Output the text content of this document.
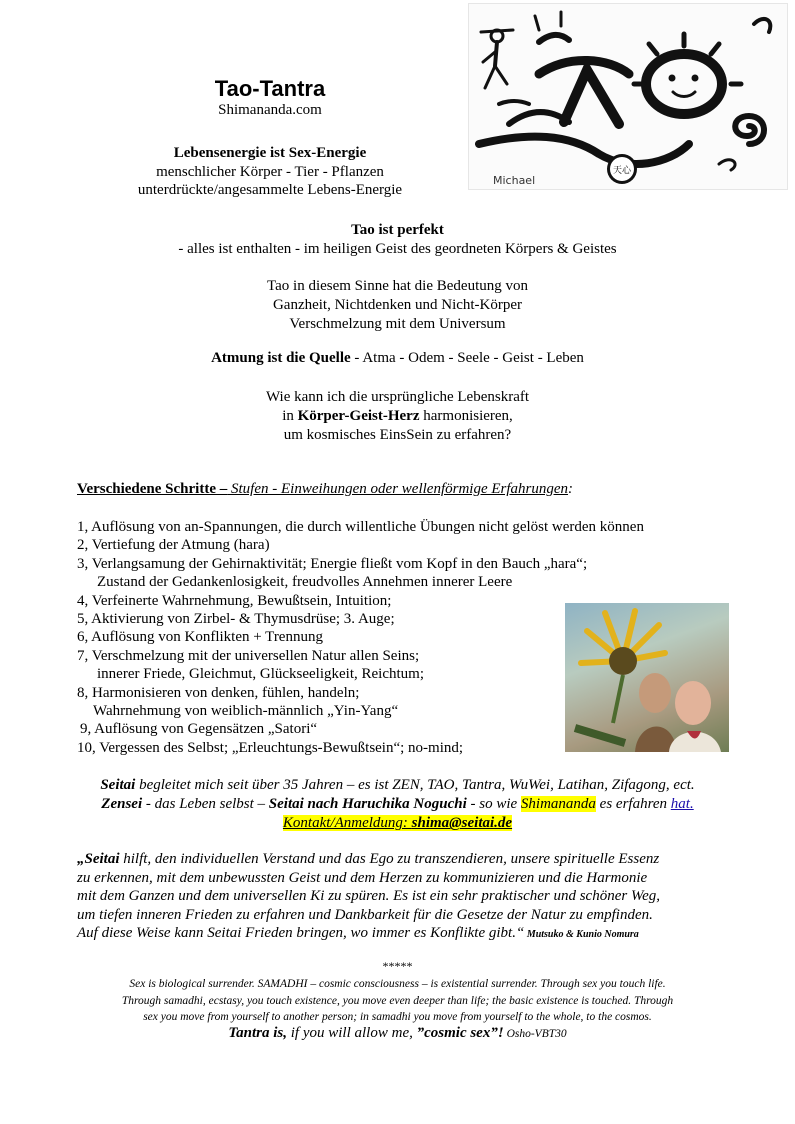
Tao-Tantra
Shimananda.com
Lebensenergie ist Sex-Energie
menschlicher Körper - Tier - Pflanzen
unterdrückte/angesammelte Lebens-Energie
Michael
天心
Tao ist perfekt
- alles ist enthalten - im heiligen Geist des geordneten Körpers & Geistes
Tao in diesem Sinne hat die Bedeutung von
Ganzheit, Nichtdenken und Nicht-Körper
Verschmelzung mit dem Universum
Atmung ist die Quelle - Atma - Odem - Seele - Geist - Leben
Wie kann ich die ursprüngliche Lebenskraft
in Körper-Geist-Herz harmonisieren,
um kosmisches EinsSein zu erfahren?
Verschiedene Schritte – Stufen - Einweihungen oder wellenförmige Erfahrungen:
1, Auflösung von an-Spannungen, die durch willentliche Übungen nicht gelöst werden können
2, Vertiefung der Atmung (hara)
3, Verlangsamung der Gehirnaktivität; Energie fließt vom Kopf in den Bauch „hara“;
Zustand der Gedankenlosigkeit, freudvolles Annehmen innerer Leere
4, Verfeinerte Wahrnehmung, Bewußtsein, Intuition;
5, Aktivierung von Zirbel- & Thymusdrüse; 3. Auge;
6, Auflösung von Konflikten + Trennung
7, Verschmelzung mit der universellen Natur allen Seins;
innerer Friede, Gleichmut, Glückseeligkeit, Reichtum;
8, Harmonisieren von denken, fühlen, handeln;
Wahrnehmung von weiblich-männlich „Yin-Yang“
9, Auflösung von Gegensätzen „Satori“
10, Vergessen des Selbst; „Erleuchtungs-Bewußtsein“; no-mind;
Seitai begleitet mich seit über 35 Jahren – es ist ZEN, TAO, Tantra, WuWei, Latihan, Zifagong, ect.
Zensei - das Leben selbst – Seitai nach Haruchika Noguchi - so wie Shimananda es erfahren hat.
Kontakt/Anmeldung: shima@seitai.de
„Seitai hilft, den individuellen Verstand und das Ego zu transzendieren, unsere spirituelle Essenz
zu erkennen, mit dem unbewussten Geist und dem Herzen zu kommunizieren und die Harmonie
mit dem Ganzen und dem universellen Ki zu spüren. Es ist ein sehr praktischer und schöner Weg,
um tiefen inneren Frieden zu erfahren und Dankbarkeit für die Gesetze der Natur zu empfinden.
Auf diese Weise kann Seitai Frieden bringen, wo immer es Konflikte gibt.“ Mutsuko & Kunio Nomura
*****
Sex is biological surrender. SAMADHI – cosmic consciousness – is existential surrender. Through sex you touch life.
Through samadhi, ecstasy, you touch existence, you move even deeper than life; the basic existence is touched. Through
sex you move from yourself to another person; in samadhi you move from yourself to the whole, to the cosmos.
Tantra is, if you will allow me, ”cosmic sex”! Osho-VBT30
